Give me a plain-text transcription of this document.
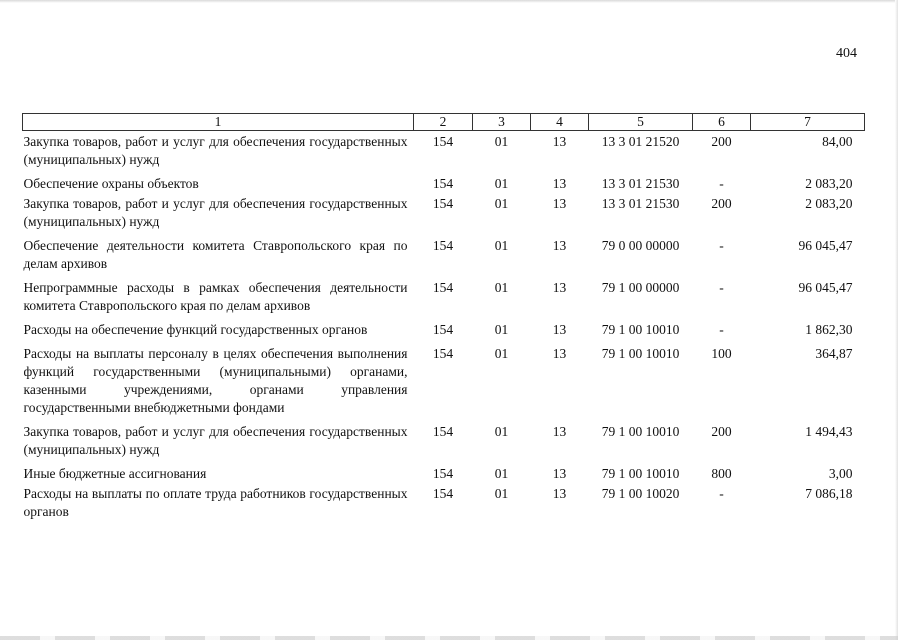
404
1	2	3	4	5	6	7
Закупка товаров, работ и услуг для обеспечения государственных (муниципальных) нужд	154	01	13	13 3 01 21520	200	84,00
Обеспечение охраны объектов	154	01	13	13 3 01 21530	-	2 083,20
Закупка товаров, работ и услуг для обеспечения государственных (муниципальных) нужд	154	01	13	13 3 01 21530	200	2 083,20
Обеспечение деятельности комитета Ставропольского края по делам архивов	154	01	13	79 0 00 00000	-	96 045,47
Непрограммные расходы в рамках обеспечения деятельности комитета Ставропольского края по делам архивов	154	01	13	79 1 00 00000	-	96 045,47
Расходы на обеспечение функций государственных органов	154	01	13	79 1 00 10010	-	1 862,30
Расходы на выплаты персоналу в целях обеспечения выполнения функций государственными (муниципальными) органами, казенными учреждениями, органами управления государственными внебюджетными фондами	154	01	13	79 1 00 10010	100	364,87
Закупка товаров, работ и услуг для обеспечения государственных (муниципальных) нужд	154	01	13	79 1 00 10010	200	1 494,43
Иные бюджетные ассигнования	154	01	13	79 1 00 10010	800	3,00
Расходы на выплаты по оплате труда работников государственных органов	154	01	13	79 1 00 10020	-	7 086,18
